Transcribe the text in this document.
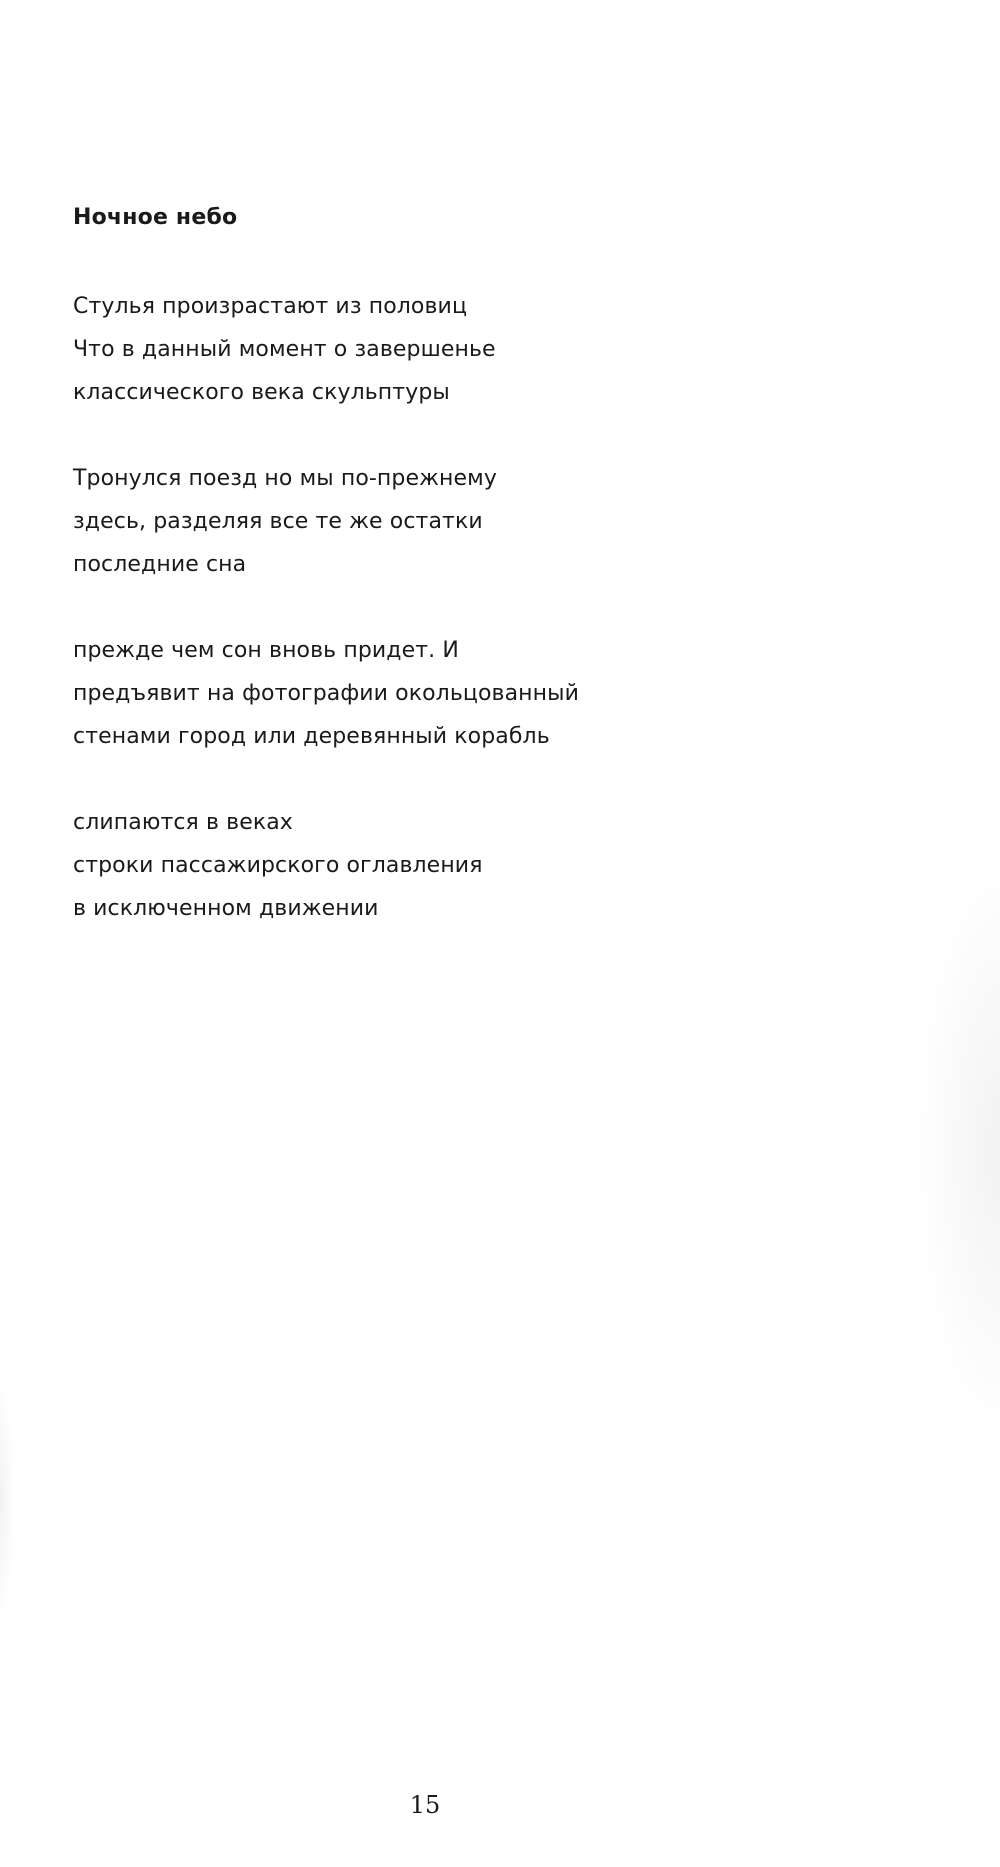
Ночное небо
Стулья произрастают из половиц
Что в данный момент о завершенье
классического века скульптуры
Тронулся поезд но мы по-прежнему
здесь, разделяя все те же остатки
последние сна
прежде чем сон вновь придет. И
предъявит на фотографии окольцованный
стенами город или деревянный корабль
слипаются в веках
строки пассажирского оглавления
в исключенном движении
15
